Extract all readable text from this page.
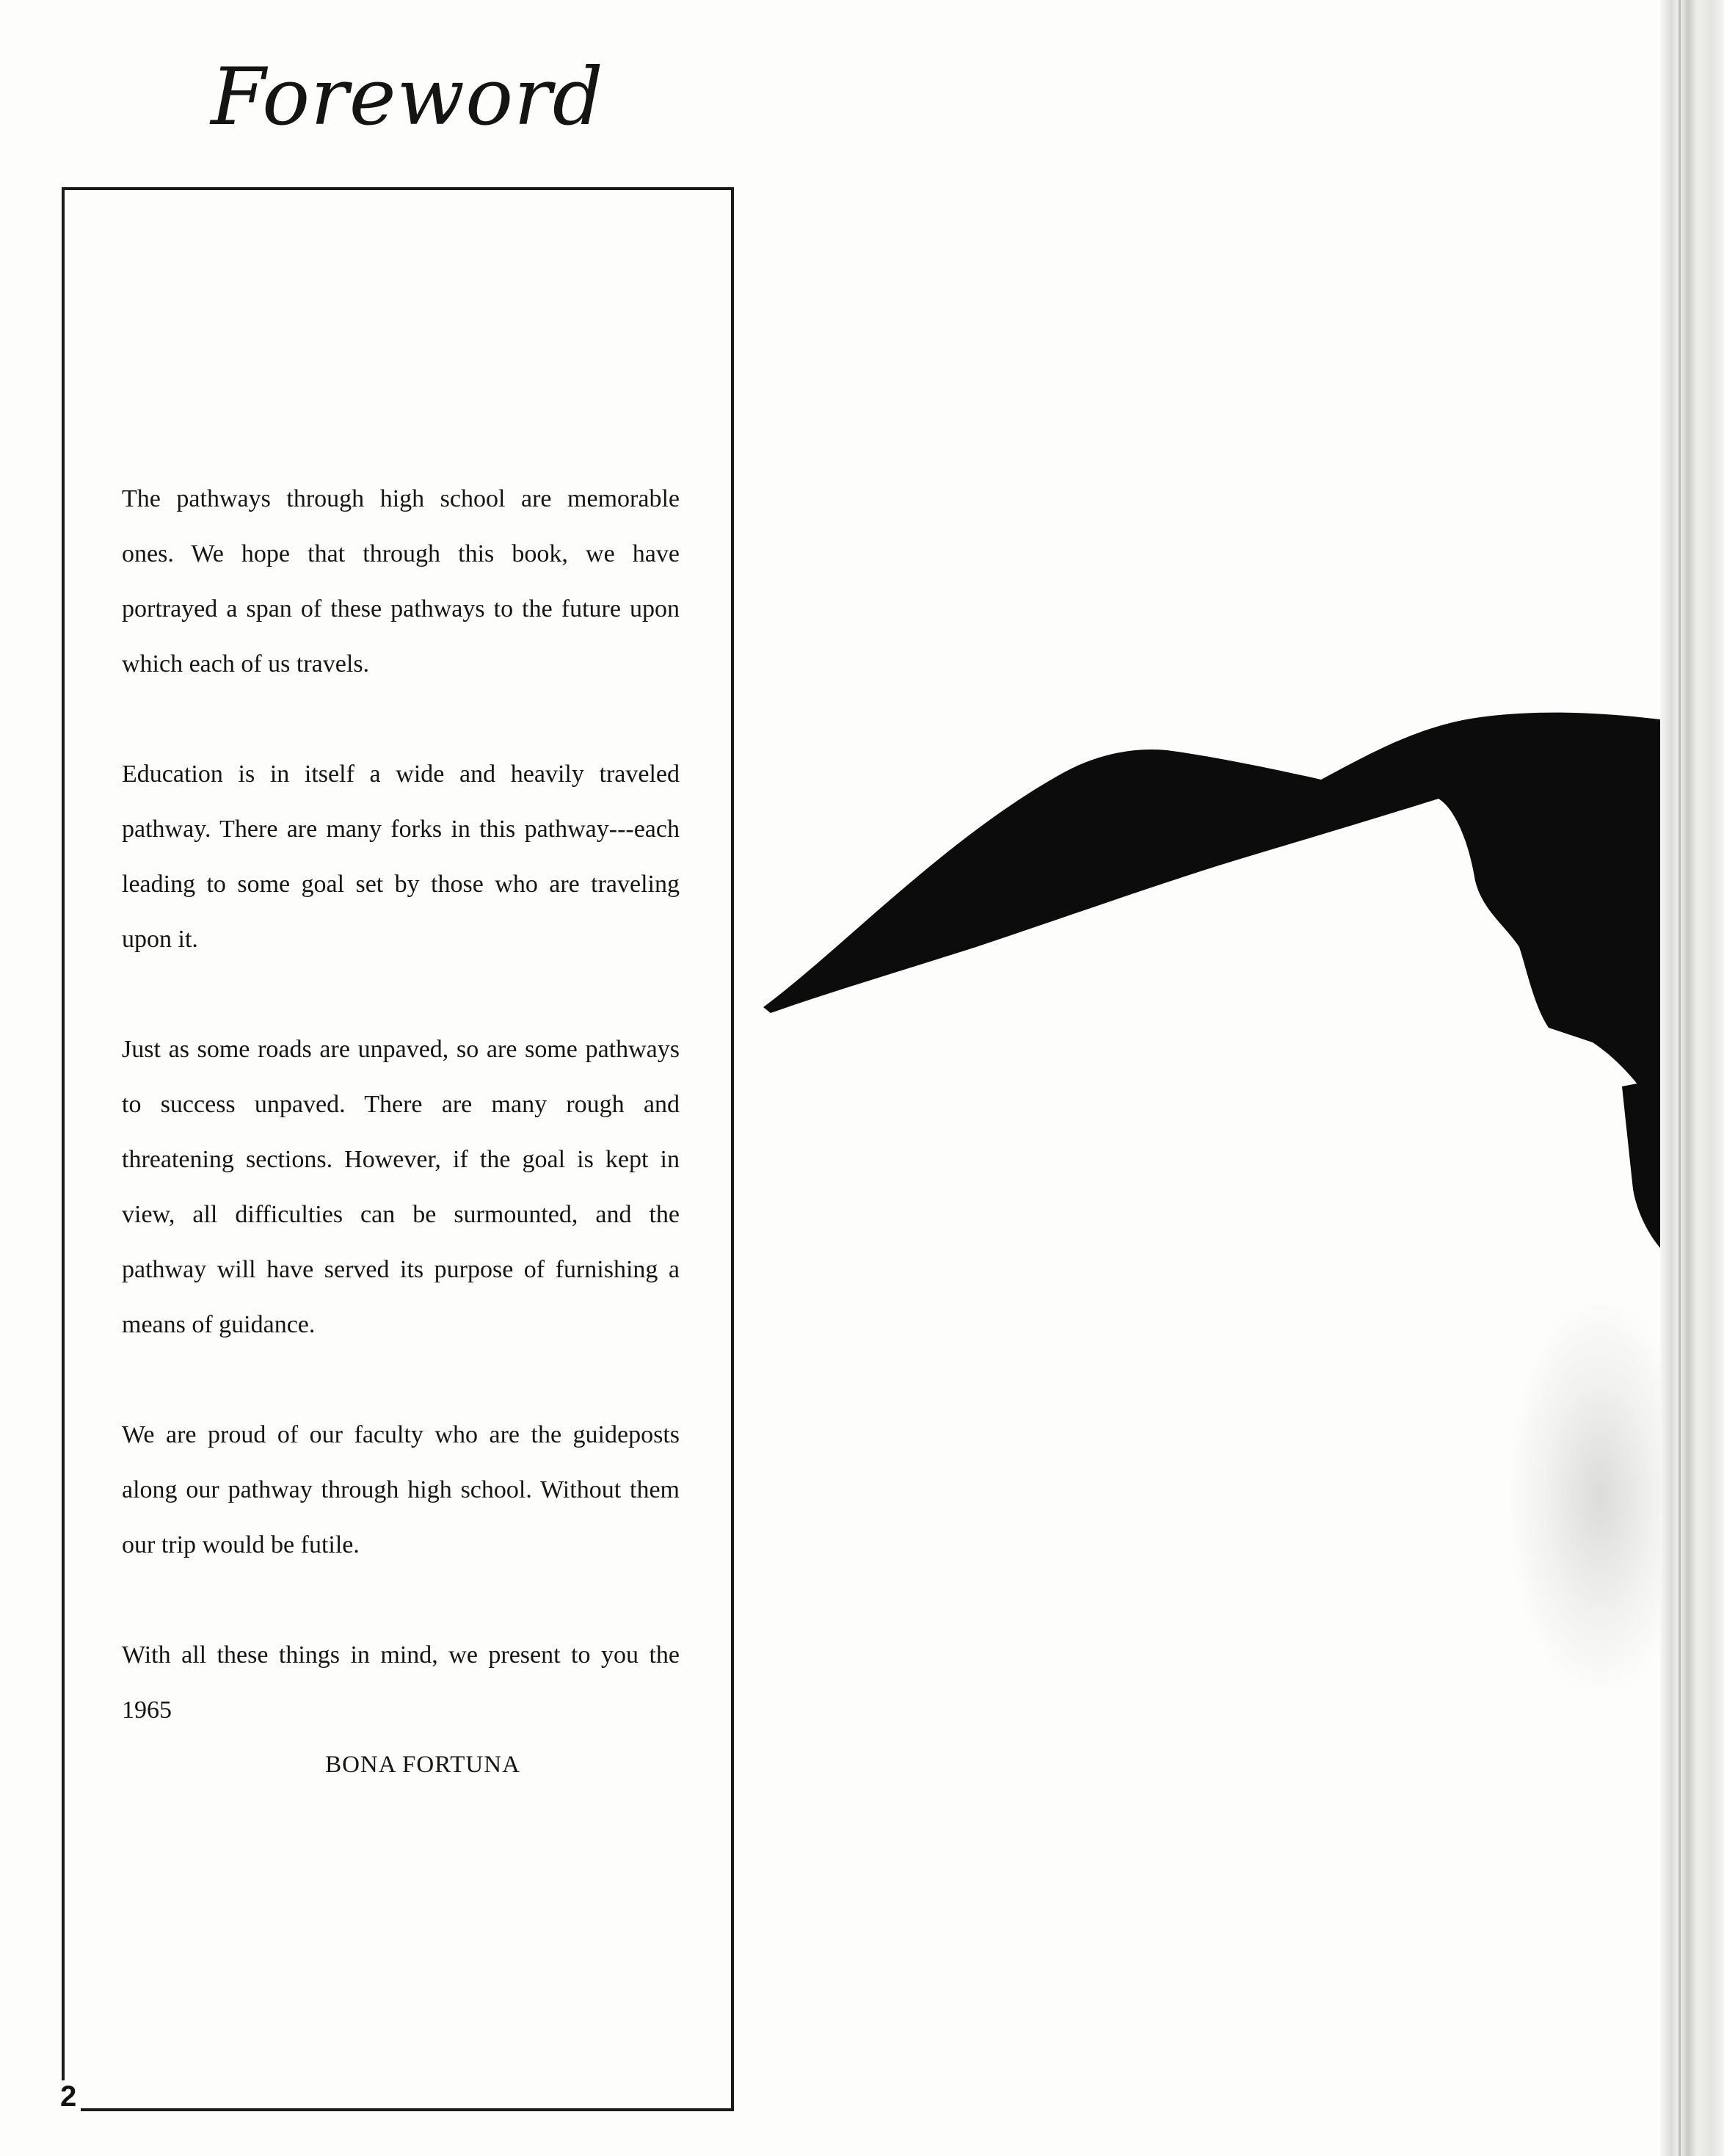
Foreword

The pathways through high school are memorable ones. We hope that through this book, we have portrayed a span of these pathways to the future upon which each of us travels.

Education is in itself a wide and heavily traveled pathway. There are many forks in this pathway---each leading to some goal set by those who are traveling upon it.

Just as some roads are unpaved, so are some pathways to success unpaved. There are many rough and threatening sections. However, if the goal is kept in view, all difficulties can be surmounted, and the pathway will have served its purpose of furnishing a means of guidance.

We are proud of our faculty who are the guideposts along our pathway through high school. Without them our trip would be futile.

With all these things in mind, we present to you the 1965

BONA FORTUNA

2
